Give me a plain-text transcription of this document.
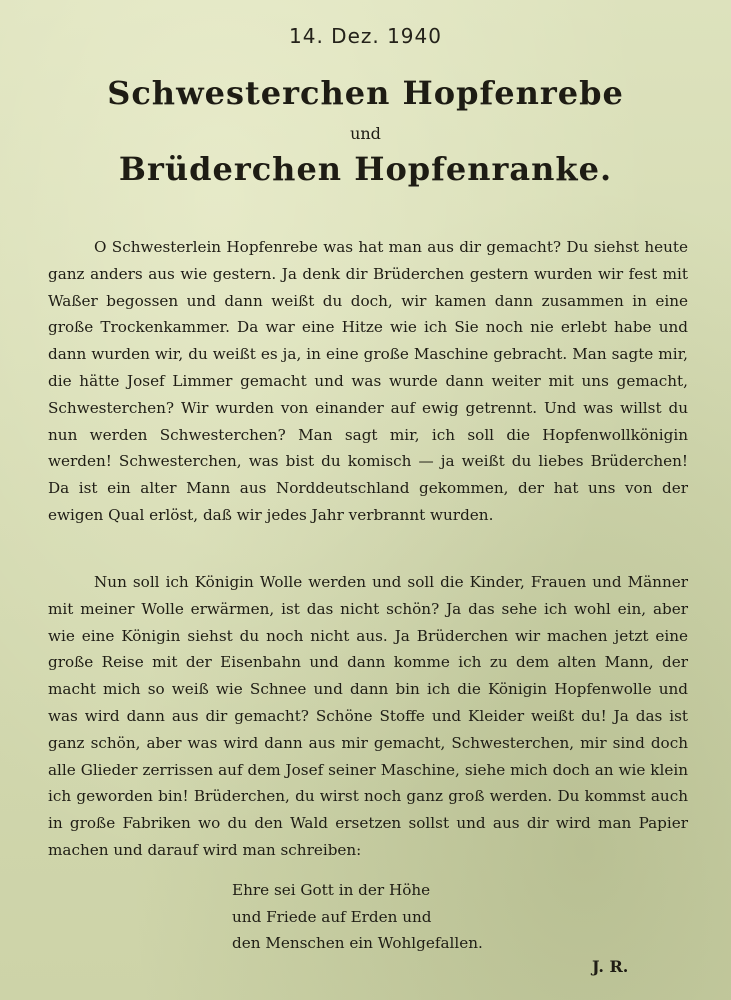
14. Dez. 1940
Schwesterchen Hopfenrebe
und
Brüderchen Hopfenranke.

O Schwesterlein Hopfenrebe was hat man aus dir gemacht? Du siehst heute ganz anders aus wie gestern. Ja denk dir Brüderchen gestern wurden wir fest mit Waßer begossen und dann weißt du doch, wir kamen dann zusammen in eine große Trockenkammer. Da war eine Hitze wie ich Sie noch nie erlebt habe und dann wurden wir, du weißt es ja, in eine große Maschine gebracht. Man sagte mir, die hätte Josef Limmer gemacht und was wurde dann weiter mit uns gemacht, Schwesterchen? Wir wurden von einander auf ewig getrennt. Und was willst du nun werden Schwesterchen? Man sagt mir, ich soll die Hopfenwollkönigin werden! Schwesterchen, was bist du komisch — ja weißt du liebes Brüderchen! Da ist ein alter Mann aus Norddeutschland gekommen, der hat uns von der ewigen Qual erlöst, daß wir jedes Jahr verbrannt wurden.

Nun soll ich Königin Wolle werden und soll die Kinder, Frauen und Männer mit meiner Wolle erwärmen, ist das nicht schön? Ja das sehe ich wohl ein, aber wie eine Königin siehst du noch nicht aus. Ja Brüderchen wir machen jetzt eine große Reise mit der Eisenbahn und dann komme ich zu dem alten Mann, der macht mich so weiß wie Schnee und dann bin ich die Königin Hopfenwolle und was wird dann aus dir gemacht? Schöne Stoffe und Kleider weißt du! Ja das ist ganz schön, aber was wird dann aus mir gemacht, Schwesterchen, mir sind doch alle Glieder zerrissen auf dem Josef seiner Maschine, siehe mich doch an wie klein ich geworden bin! Brüderchen, du wirst noch ganz groß werden. Du kommst auch in große Fabriken wo du den Wald ersetzen sollst und aus dir wird man Papier machen und darauf wird man schreiben:

Ehre sei Gott in der Höhe
und Friede auf Erden und
den Menschen ein Wohlgefallen.
J. R.
